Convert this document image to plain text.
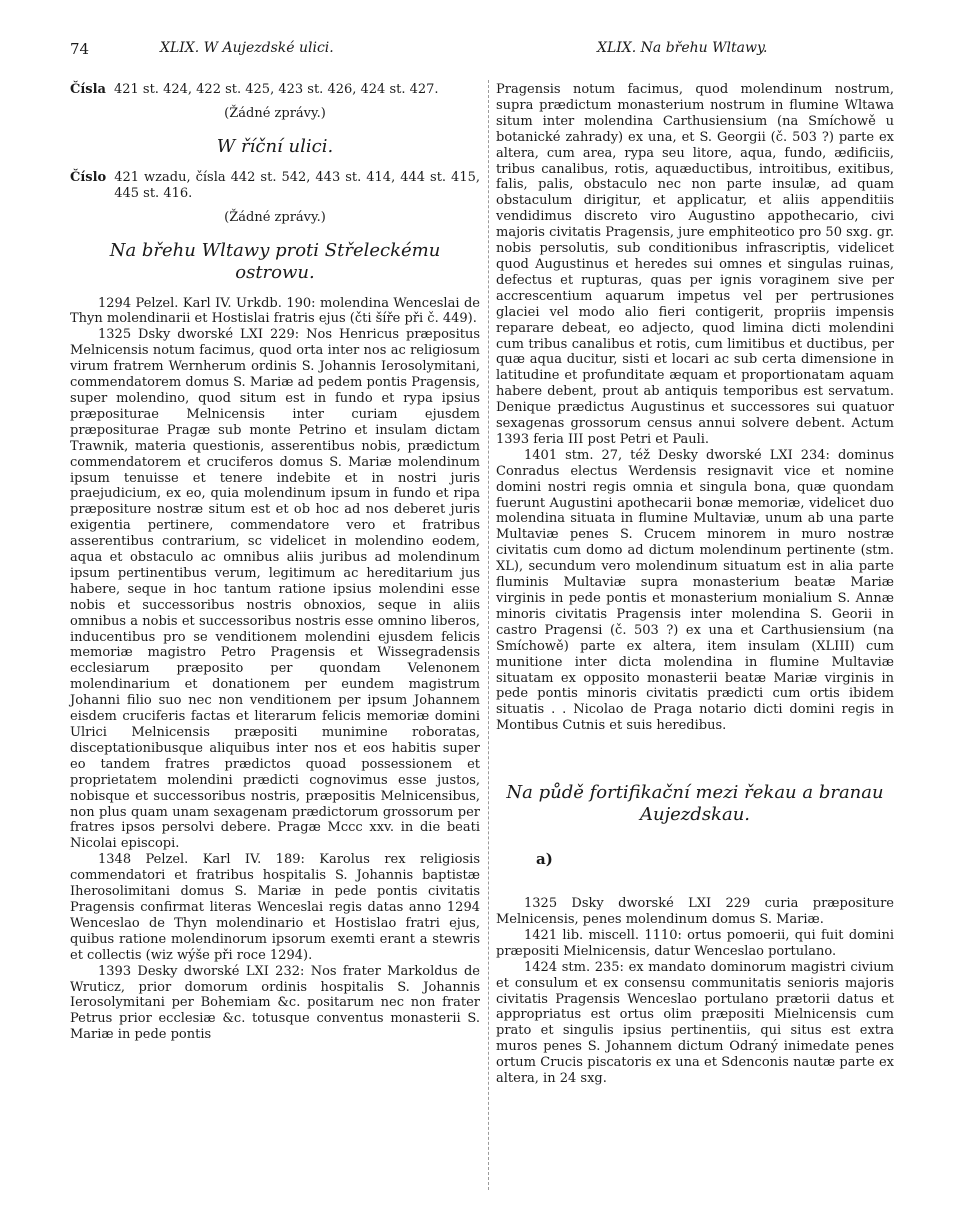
74	XLIX. W Aujezdské ulici.	XLIX. Na břehu Wltawy.
Čísla 421 st. 424, 422 st. 425, 423 st. 426, 424 st. 427.

(Žádné zprávy.)

W říční ulici.
Číslo 421 wzadu, čísla 442 st. 542, 443 st. 414, 444 st. 415, 445 st. 416.

(Žádné zprávy.)

Na břehu Wltawy proti Střeleckému ostrowu.

1294 Pelzel. Karl IV. Urkdb. 190: molendina Wenceslai de Thyn molendinarii et Hostislai fratris ejus (čti šíře při č. 449).

1325 Dsky dworské LXI 229: Nos Henricus præpositus Melnicensis notum facimus, quod orta inter nos ac religiosum virum fratrem Wernherum ordinis S. Johannis Ierosolymitani, commendatorem domus S. Mariæ ad pedem pontis Pragensis, super molendino, quod situm est in fundo et rypa ipsius præpositurae Melnicensis inter curiam ejusdem præpositurae Pragæ sub monte Petrino et insulam dictam Trawnik, materia questionis, asserentibus nobis, prædictum commendatorem et cruciferos domus S. Mariæ molendinum ipsum tenuisse et tenere indebite et in nostri juris praejudicium, ex eo, quia molendinum ipsum in fundo et ripa præpositure nostræ situm est et ob hoc ad nos deberet juris exigentia pertinere, commendatore vero et fratribus asserentibus contrarium, sc videlicet in molendino eodem, aqua et obstaculo ac omnibus aliis juribus ad molendinum ipsum pertinentibus verum, legitimum ac hereditarium jus habere, seque in hoc tantum ratione ipsius molendini esse nobis et successoribus nostris obnoxios, seque in aliis omnibus a nobis et successoribus nostris esse omnino liberos, inducentibus pro se venditionem molendini ejusdem felicis memoriæ magistro Petro Pragensis et Wissegradensis ecclesiarum præposito per quondam Velenonem molendinarium et donationem per eundem magistrum Johanni filio suo nec non venditionem per ipsum Johannem eisdem cruciferis factas et literarum felicis memoriæ domini Ulrici Melnicensis præpositi munimine roboratas, disceptationibusque aliquibus inter nos et eos habitis super eo tandem fratres prædictos quoad possessionem et proprietatem molendini prædicti cognovimus esse justos, nobisque et successoribus nostris, præpositis Melnicensibus, non plus quam unam sexagenam prædictorum grossorum per fratres ipsos persolvi debere. Pragæ Mccc xxv. in die beati Nicolai episcopi.

1348 Pelzel. Karl IV. 189: Karolus rex religiosis commendatori et fratribus hospitalis S. Johannis baptistæ Iherosolimitani domus S. Mariæ in pede pontis civitatis Pragensis confirmat literas Wenceslai regis datas anno 1294 Wenceslao de Thyn molendinario et Hostislao fratri ejus, quibus ratione molendinorum ipsorum exemti erant a stewris et collectis (wiz wýše při roce 1294).

1393 Desky dworské LXI 232: Nos frater Markoldus de Wruticz, prior domorum ordinis hospitalis S. Johannis Ierosolymitani per Bohemiam &c. positarum nec non frater Petrus prior ecclesiæ &c. totusque conventus monasterii S. Mariæ in pede pontis

Pragensis notum facimus, quod molendinum nostrum, supra prædictum monasterium nostrum in flumine Wltawa situm inter molendina Carthusiensium (na Smíchowě u botanické zahrady) ex una, et S. Georgii (č. 503 ?) parte ex altera, cum area, rypa seu litore, aqua, fundo, ædificiis, tribus canalibus, rotis, aquæductibus, introitibus, exitibus, falis, palis, obstaculo nec non parte insulæ, ad quam obstaculum dirigitur, et applicatur, et aliis appenditiis vendidimus discreto viro Augustino appothecario, civi majoris civitatis Pragensis, jure emphiteotico pro 50 sxg. gr. nobis persolutis, sub conditionibus infrascriptis, videlicet quod Augustinus et heredes sui omnes et singulas ruinas, defectus et rupturas, quas per ignis voraginem sive per accrescentium aquarum impetus vel per pertrusiones glaciei vel modo alio fieri contigerit, propriis impensis reparare debeat, eo adjecto, quod limina dicti molendini cum tribus canalibus et rotis, cum limitibus et ductibus, per quæ aqua ducitur, sisti et locari ac sub certa dimensione in latitudine et profunditate æquam et proportionatam aquam habere debent, prout ab antiquis temporibus est servatum. Denique prædictus Augustinus et successores sui quatuor sexagenas grossorum census annui solvere debent. Actum 1393 feria III post Petri et Pauli.

1401 stm. 27, též Desky dworské LXI 234: dominus Conradus electus Werdensis resignavit vice et nomine domini nostri regis omnia et singula bona, quæ quondam fuerunt Augustini apothecarii bonæ memoriæ, videlicet duo molendina situata in flumine Multaviæ, unum ab una parte Multaviæ penes S. Crucem minorem in muro nostræ civitatis cum domo ad dictum molendinum pertinente (stm. XL), secundum vero molendinum situatum est in alia parte fluminis Multaviæ supra monasterium beatæ Mariæ virginis in pede pontis et monasterium monialium S. Annæ minoris civitatis Pragensis inter molendina S. Georii in castro Pragensi (č. 503 ?) ex una et Carthusiensium (na Smíchowě) parte ex altera, item insulam (XLIII) cum munitione inter dicta molendina in flumine Multaviæ situatam ex opposito monasterii beatæ Mariæ virginis in pede pontis minoris civitatis prædicti cum ortis ibidem situatis . . Nicolao de Praga notario dicti domini regis in Montibus Cutnis et suis heredibus.

Na půdě fortifikační mezi řekau a branau Aujezdskau.
a)

1325 Dsky dworské LXI 229 curia præpositure Melnicensis, penes molendinum domus S. Mariæ.

1421 lib. miscell. 1110: ortus pomoerii, qui fuit domini præpositi Mielnicensis, datur Wenceslao portulano.

1424 stm. 235: ex mandato dominorum magistri civium et consulum et ex consensu communitatis senioris majoris civitatis Pragensis Wenceslao portulano prætorii datus et appropriatus est ortus olim præpositi Mielnicensis cum prato et singulis ipsius pertinentiis, qui situs est extra muros penes S. Johannem dictum Odraný inimedate penes ortum Crucis piscatoris ex una et Sdenconis nautæ parte ex altera, in 24 sxg.
